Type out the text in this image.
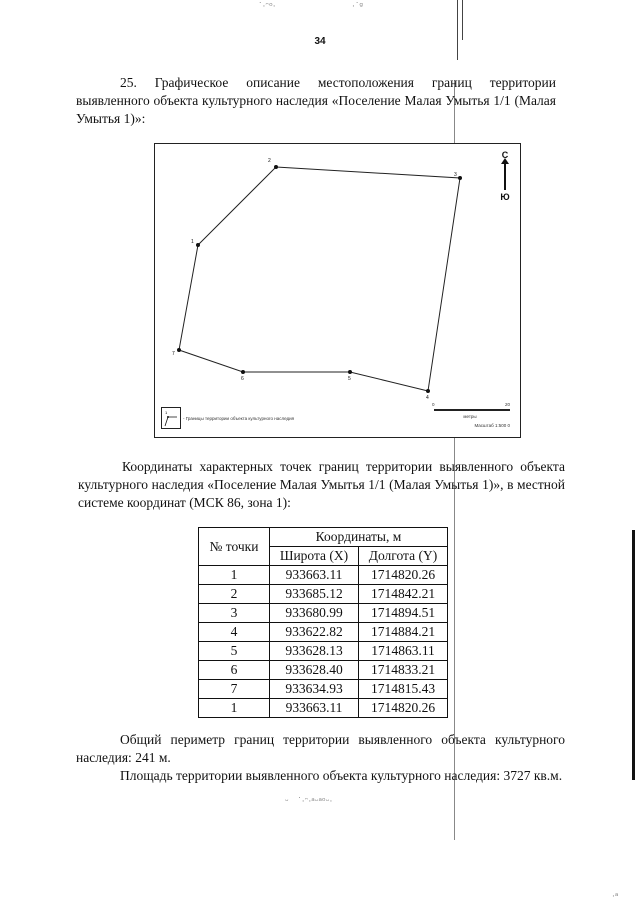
˙·ᵔᵒ·	·˙ᵍ
34
25. Графическое описание местоположения границ территории выявленного объекта культурного наследия «Поселение Малая Умытья 1/1 (Малая Умытья 1)»:
2
3
1
7
6	5
4
С
Ю
1
- Границы территории объекта культурного наследия
0	20
метры
Масштаб 1:500 0
Координаты характерных точек границ территории выявленного объекта культурного наследия «Поселение Малая Умытья 1/1 (Малая Умытья 1)», в местной системе координат (МСК 86, зона 1):
№ точки	Координаты, м	
	Широта (X)	Долгота (Y)
1	933663.11	1714820.26
2	933685.12	1714842.21
3	933680.99	1714894.51
4	933622.82	1714884.21
5	933628.13	1714863.11
6	933628.40	1714833.21
7	933634.93	1714815.43
1	933663.11	1714820.26
Общий периметр границ территории выявленного объекта культурного наследия: 241 м.
Площадь территории выявленного объекта культурного наследия: 3727 кв.м.
ᵕ   ˙·ᵔ·ᵃᵕᵃᵒᵕ·
·ᵃ
